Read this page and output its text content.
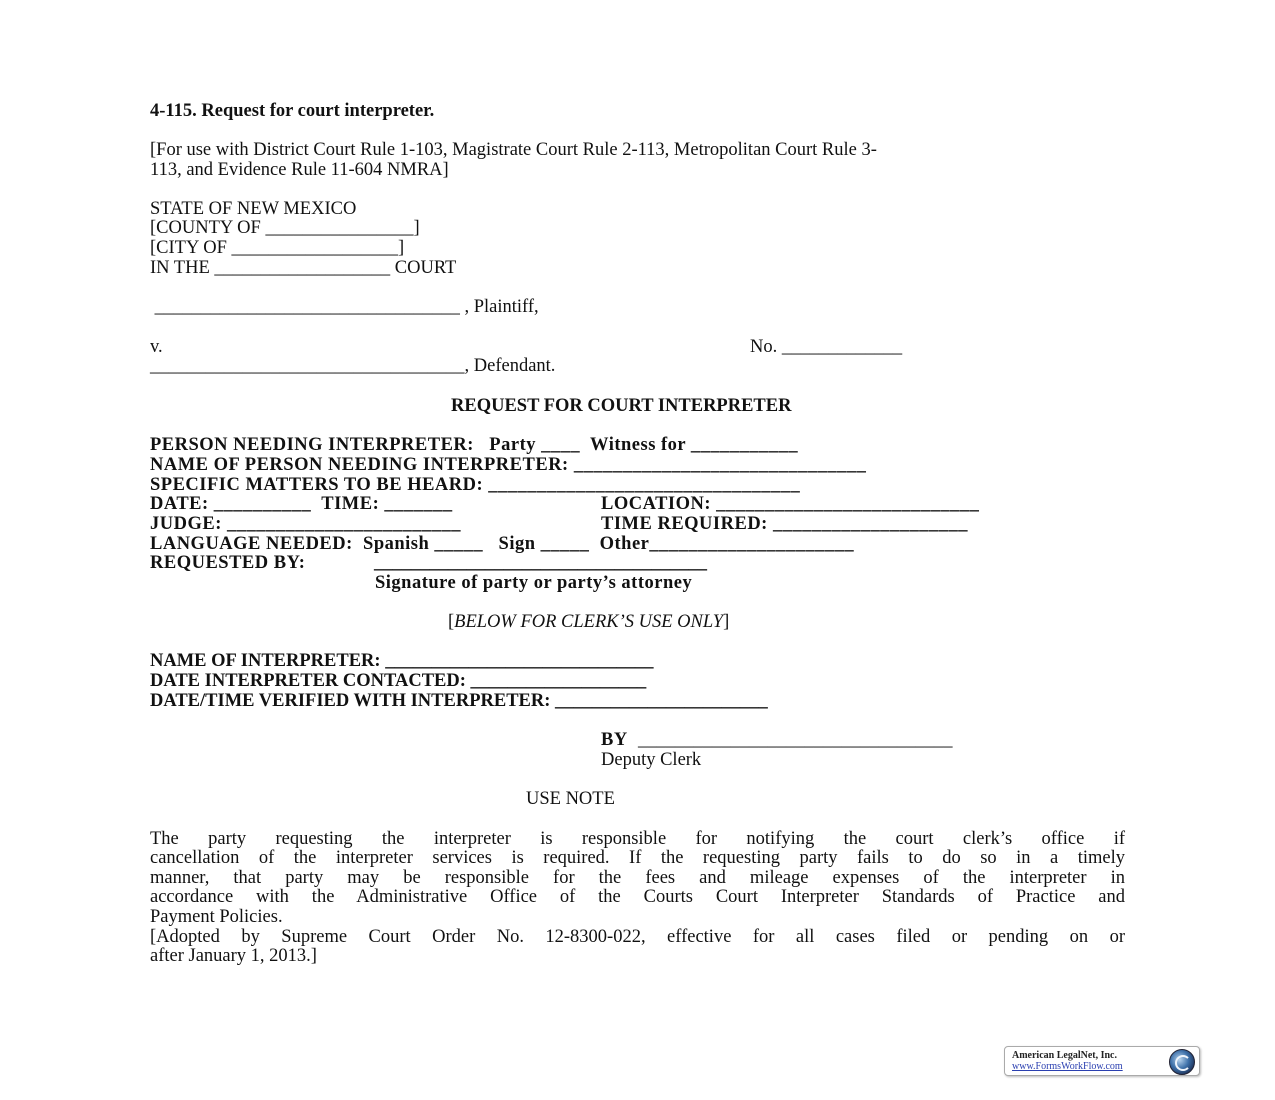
4-115. Request for court interpreter.
[For use with District Court Rule 1-103, Magistrate Court Rule 2-113, Metropolitan Court Rule 3-
113, and Evidence Rule 11-604 NMRA]
STATE OF NEW MEXICO
[COUNTY OF ________________]
[CITY OF __________________]
IN THE ___________________ COURT
_________________________________ , Plaintiff,
v.	No. _____________
__________________________________, Defendant.
REQUEST FOR COURT INTERPRETER
PERSON NEEDING INTERPRETER:   Party ____  Witness for ___________
NAME OF PERSON NEEDING INTERPRETER: ______________________________
SPECIFIC MATTERS TO BE HEARD: ________________________________
DATE: __________  TIME: _______	LOCATION: ___________________________
JUDGE: ________________________	TIME REQUIRED: ____________________
LANGUAGE NEEDED:  Spanish _____   Sign _____  Other_____________________
REQUESTED BY:	____________________________________
Signature of party or party’s attorney
[BELOW FOR CLERK’S USE ONLY]
NAME OF INTERPRETER: _____________________________
DATE INTERPRETER CONTACTED: ___________________
DATE/TIME VERIFIED WITH INTERPRETER: _______________________
BY __________________________________
Deputy Clerk
USE NOTE
The party requesting the interpreter is responsible for notifying the court clerk’s office if
cancellation of the interpreter services is required. If the requesting party fails to do so in a timely
manner, that party may be responsible for the fees and mileage expenses of the interpreter in
accordance with the Administrative Office of the Courts Court Interpreter Standards of Practice and
Payment Policies.
[Adopted by Supreme Court Order No. 12-8300-022, effective for all cases filed or pending on or
after January 1, 2013.]
American LegalNet, Inc.
www.FormsWorkFlow.com
